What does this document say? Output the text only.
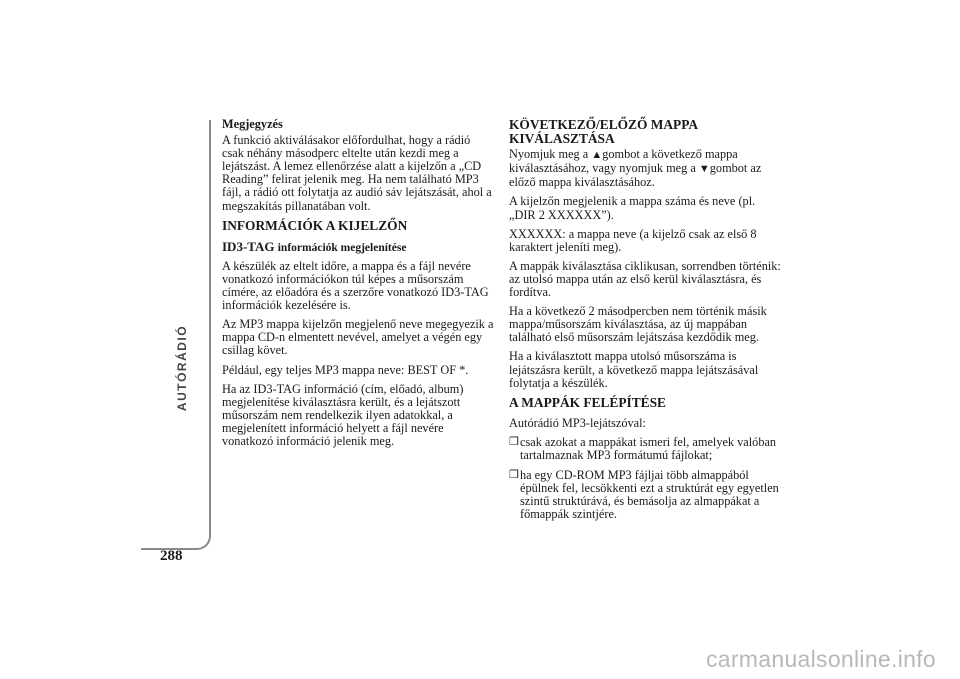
AUTÓRÁDIÓ
288
Megjegyzés

A funkció aktiválásakor előfordulhat, hogy a rádió csak néhány másodperc eltelte után kezdi meg a lejátszást. A lemez ellenőrzése alatt a kijelzőn a „CD Reading” felirat jelenik meg. Ha nem található MP3 fájl, a rádió ott folytatja az audió sáv lejátszását, ahol a megszakítás pillanatában volt.

INFORMÁCIÓK A KIJELZŐN
ID3-TAG információk megjelenítése

A készülék az eltelt időre, a mappa és a fájl nevére vonatkozó információkon túl képes a műsorszám címére, az előadóra és a szerzőre vonatkozó ID3-TAG információk kezelésére is.

Az MP3 mappa kijelzőn megjelenő neve megegyezik a mappa CD-n elmentett nevével, amelyet a végén egy csillag követ.

Például, egy teljes MP3 mappa neve: BEST OF *.

Ha az ID3-TAG információ (cím, előadó, album) megjelenítése kiválasztásra került, és a lejátszott műsorszám nem rendelkezik ilyen adatokkal, a megjelenített információ helyett a fájl nevére vonatkozó információ jelenik meg.

KÖVETKEZŐ/ELŐZŐ MAPPA KIVÁLASZTÁSA

Nyomjuk meg a ▲gombot a következő mappa kiválasztásához, vagy nyomjuk meg a ▼gombot az előző mappa kiválasztásához.

A kijelzőn megjelenik a mappa száma és neve (pl. „DIR 2 XXXXXX”).

XXXXXX: a mappa neve (a kijelző csak az első 8 karaktert jeleníti meg).

A mappák kiválasztása ciklikusan, sorrendben történik: az utolsó mappa után az első kerül kiválasztásra, és fordítva.

Ha a következő 2 másodpercben nem történik másik mappa/műsorszám kiválasztása, az új mappában található első műsorszám lejátszása kezdődik meg.

Ha a kiválasztott mappa utolsó műsorszáma is lejátszásra került, a következő mappa lejátszásával folytatja a készülék.

A MAPPÁK FELÉPÍTÉSE

Autórádió MP3-lejátszóval:

❒ csak azokat a mappákat ismeri fel, amelyek valóban tartalmaznak MP3 formátumú fájlokat;
❒ ha egy CD-ROM MP3 fájljai több almappából épülnek fel, lecsökkenti ezt a struktúrát egy egyetlen szintű struktúrává, és bemásolja az almappákat a főmappák szintjére.
carmanualsonline.info
